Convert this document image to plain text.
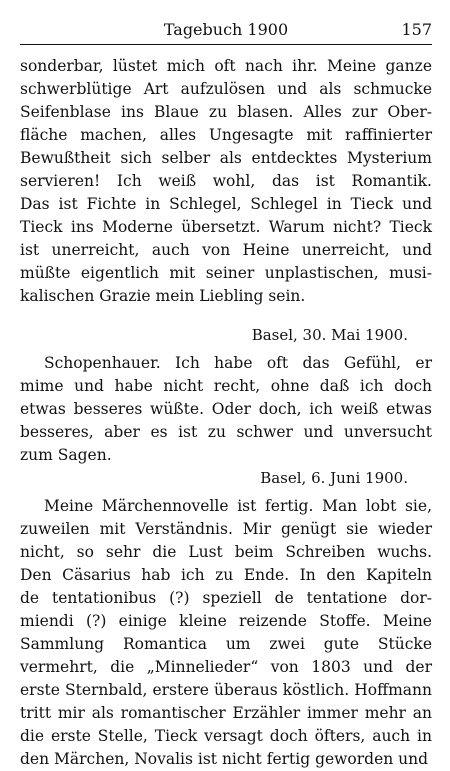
Tagebuch 1900	157

sonderbar, lüstet mich oft nach ihr. Meine ganze
schwerblütige Art aufzulösen und als schmucke
Seifenblase ins Blaue zu blasen. Alles zur Ober-
fläche machen, alles Ungesagte mit raffinierter
Bewußtheit sich selber als entdecktes Mysterium
servieren! Ich weiß wohl, das ist Romantik.
Das ist Fichte in Schlegel, Schlegel in Tieck und
Tieck ins Moderne übersetzt. Warum nicht? Tieck
ist unerreicht, auch von Heine unerreicht, und
müßte eigentlich mit seiner unplastischen, musi-
kalischen Grazie mein Liebling sein.

Basel, 30. Mai 1900.

Schopenhauer. Ich habe oft das Gefühl, er
mime und habe nicht recht, ohne daß ich doch
etwas besseres wüßte. Oder doch, ich weiß etwas
besseres, aber es ist zu schwer und unversucht
zum Sagen.

Basel, 6. Juni 1900.

Meine Märchennovelle ist fertig. Man lobt sie,
zuweilen mit Verständnis. Mir genügt sie wieder
nicht, so sehr die Lust beim Schreiben wuchs.
Den Cäsarius hab ich zu Ende. In den Kapiteln
de tentationibus (?) speziell de tentatione dor-
miendi (?) einige kleine reizende Stoffe. Meine
Sammlung Romantica um zwei gute Stücke
vermehrt, die „Minnelieder“ von 1803 und der
erste Sternbald, erstere überaus köstlich. Hoffmann
tritt mir als romantischer Erzähler immer mehr an
die erste Stelle, Tieck versagt doch öfters, auch in
den Märchen, Novalis ist nicht fertig geworden und
